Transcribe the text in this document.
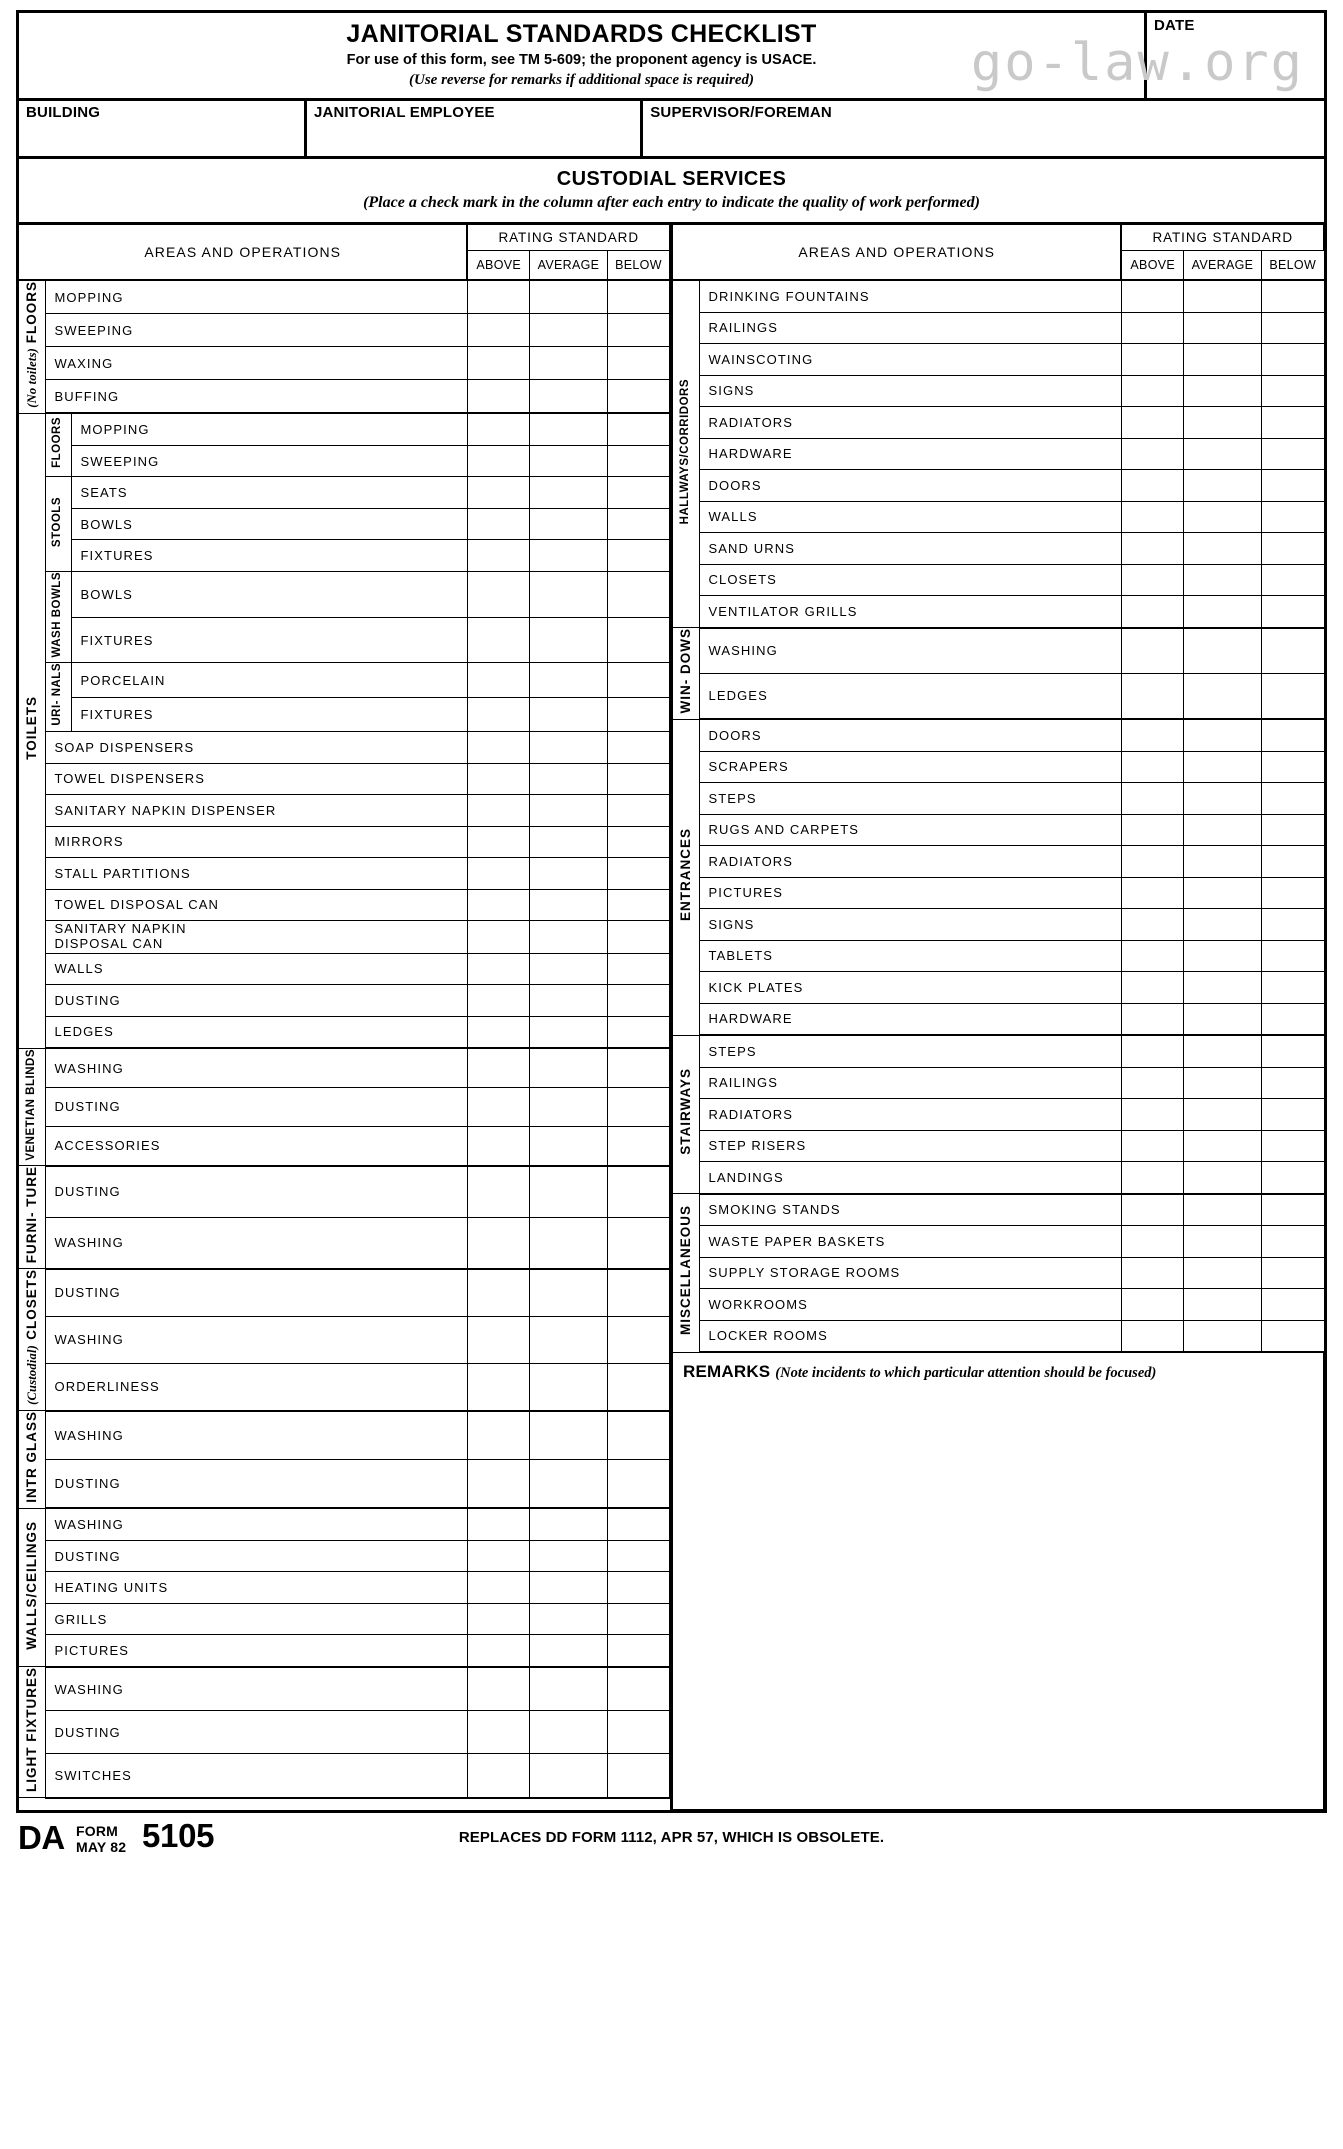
go-law.org
JANITORIAL STANDARDS CHECKLIST
For use of this form, see TM 5-609; the proponent agency is USACE.
(Use reverse for remarks if additional space is required)
	DATE
BUILDING	JANITORIAL EMPLOYEE	SUPERVISOR/FOREMAN
CUSTODIAL SERVICES
(Place a check mark in the column after each entry to indicate the quality of work performed)
AREAS AND OPERATIONS	RATING STANDARD
ABOVE	AVERAGE	BELOW
FLOORS(No toilets)	MOPPING			
SWEEPING			
WAXING			
BUFFING			
TOILETS	FLOORS	MOPPING			
SWEEPING			
STOOLS	SEATS			
BOWLS			
FIXTURES			
WASH BOWLS	BOWLS			
FIXTURES			
URI- NALS	PORCELAIN			
FIXTURES			
SOAP DISPENSERS			
TOWEL DISPENSERS			
SANITARY NAPKIN DISPENSER			
MIRRORS			
STALL PARTITIONS			
TOWEL DISPOSAL CAN			
SANITARY NAPKIN
DISPOSAL CAN			
WALLS			
DUSTING			
LEDGES			
VENETIAN BLINDS	WASHING			
DUSTING			
ACCESSORIES			
FURNI- TURE	DUSTING			
WASHING			
CLOSETS(Custodial)	DUSTING			
WASHING			
ORDERLINESS			
INTR GLASS	WASHING			
DUSTING			
WALLS/CEILINGS	WASHING			
DUSTING			
HEATING UNITS			
GRILLS			
PICTURES			
LIGHT FIXTURES	WASHING			
DUSTING			
SWITCHES			

AREAS AND OPERATIONS	RATING STANDARD
ABOVE	AVERAGE	BELOW
HALLWAYS/CORRIDORS	DRINKING FOUNTAINS			
RAILINGS			
WAINSCOTING			
SIGNS			
RADIATORS			
HARDWARE			
DOORS			
WALLS			
SAND URNS			
CLOSETS			
VENTILATOR GRILLS			
WIN- DOWS	WASHING			
LEDGES			
ENTRANCES	DOORS			
SCRAPERS			
STEPS			
RUGS AND CARPETS			
RADIATORS			
PICTURES			
SIGNS			
TABLETS			
KICK PLATES			
HARDWARE			
STAIRWAYS	STEPS			
RAILINGS			
RADIATORS			
STEP RISERS			
LANDINGS			
MISCELLANEOUS	SMOKING STANDS			
WASTE PAPER BASKETS			
SUPPLY STORAGE ROOMS			
WORKROOMS			
LOCKER ROOMS			
REMARKS (Note incidents to which particular attention should be focused)
DA FORM
MAY 82 5105	REPLACES DD FORM 1112, APR 57, WHICH IS OBSOLETE.
